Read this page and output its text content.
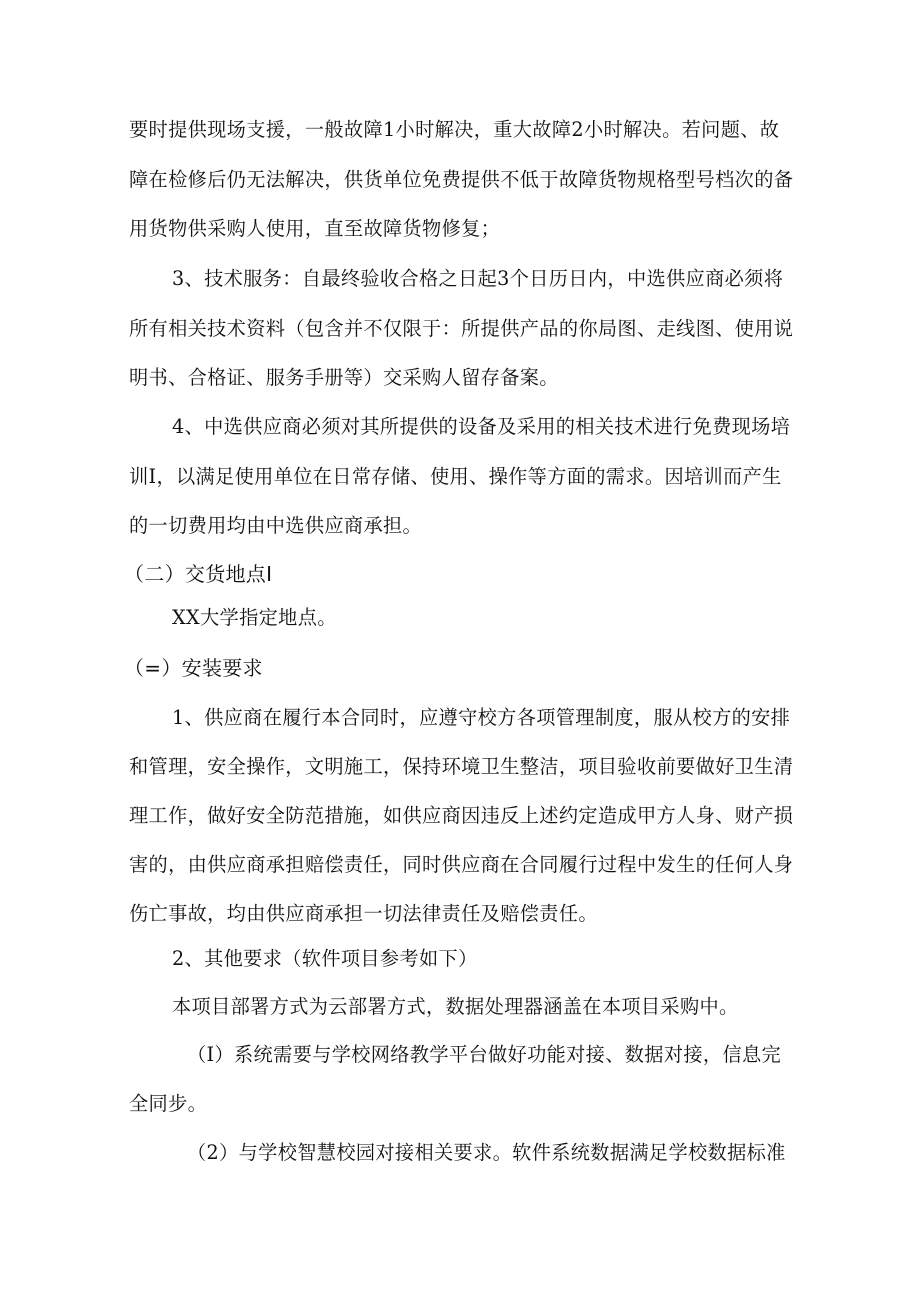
要时提供现场支援，一般故障1小时解决，重大故障2小时解决。若问题、故
障在检修后仍无法解决，供货单位免费提供不低于故障货物规格型号档次的备
用货物供采购人使用，直至故障货物修复；
3、技术服务：自最终验收合格之日起3个日历日内，中选供应商必须将
所有相关技术资料（包含并不仅限于：所提供产品的你局图、走线图、使用说
明书、合格证、服务手册等）交采购人留存备案。
4、中选供应商必须对其所提供的设备及采用的相关技术进行免费现场培
训I，以满足使用单位在日常存储、使用、操作等方面的需求。因培训而产生
的一切费用均由中选供应商承担。
（二）交货地点I
XX大学指定地点。
（=）安装要求
1、供应商在履行本合同时，应遵守校方各项管理制度，服从校方的安排
和管理，安全操作，文明施工，保持环境卫生整洁，项目验收前要做好卫生清
理工作，做好安全防范措施，如供应商因违反上述约定造成甲方人身、财产损
害的，由供应商承担赔偿责任，同时供应商在合同履行过程中发生的任何人身
伤亡事故，均由供应商承担一切法律责任及赔偿责任。
2、其他要求（软件项目参考如下）
本项目部署方式为云部署方式，数据处理器涵盖在本项目采购中。
（I）系统需要与学校网络教学平台做好功能对接、数据对接，信息完
全同步。
（2）与学校智慧校园对接相关要求。软件系统数据满足学校数据标准
